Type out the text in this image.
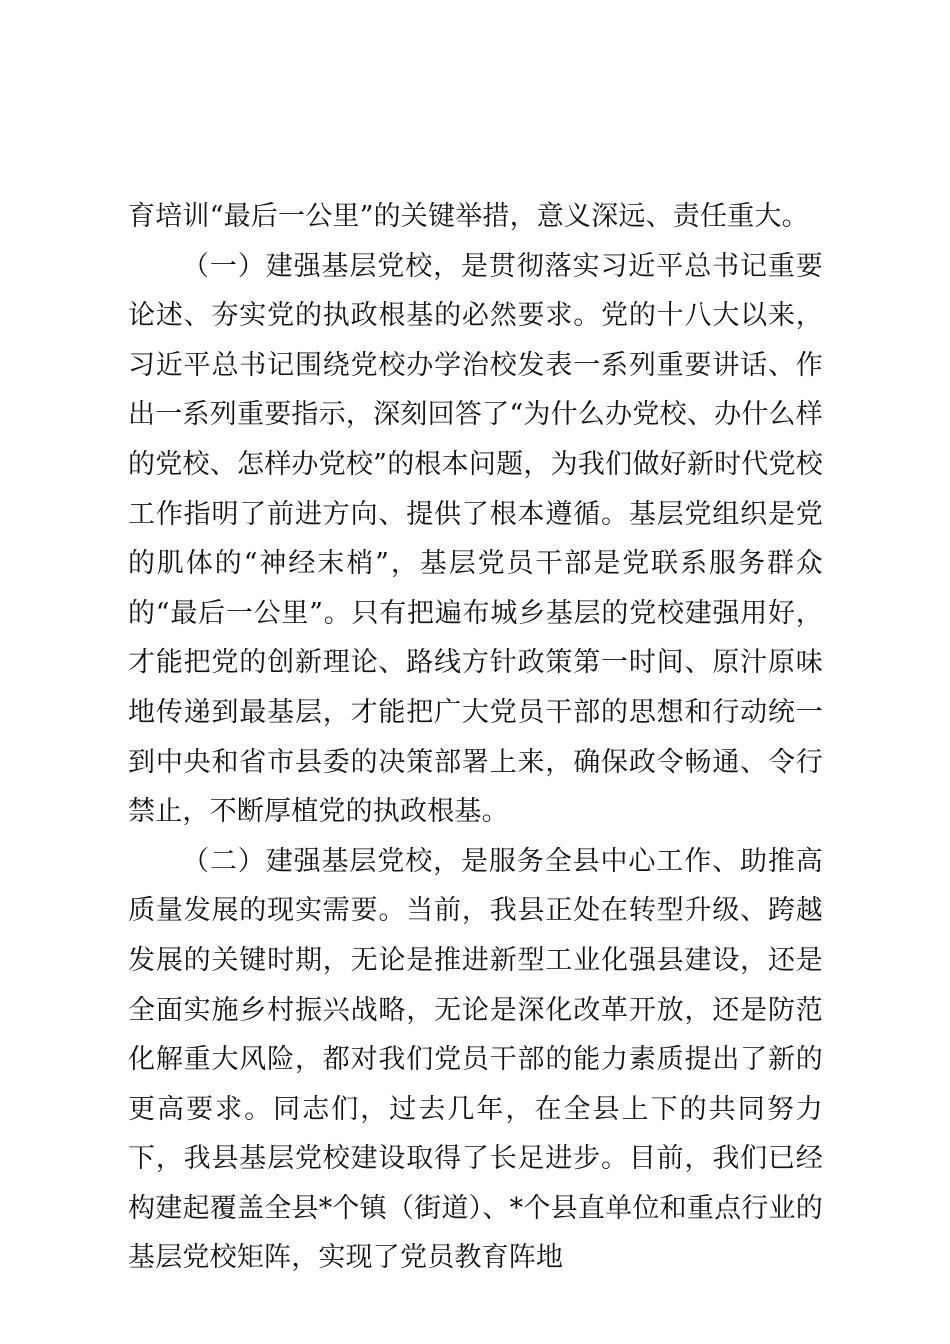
育培训“最后一公里”的关键举措，意义深远、责任重大。

（一）建强基层党校，是贯彻落实习近平总书记重要论述、夯实党的执政根基的必然要求。党的十八大以来，习近平总书记围绕党校办学治校发表一系列重要讲话、作出一系列重要指示，深刻回答了“为什么办党校、办什么样的党校、怎样办党校”的根本问题，为我们做好新时代党校工作指明了前进方向、提供了根本遵循。基层党组织是党的肌体的“神经末梢”，基层党员干部是党联系服务群众的“最后一公里”。只有把遍布城乡基层的党校建强用好，才能把党的创新理论、路线方针政策第一时间、原汁原味地传递到最基层，才能把广大党员干部的思想和行动统一到中央和省市县委的决策部署上来，确保政令畅通、令行禁止，不断厚植党的执政根基。

（二）建强基层党校，是服务全县中心工作、助推高质量发展的现实需要。当前，我县正处在转型升级、跨越发展的关键时期，无论是推进新型工业化强县建设，还是全面实施乡村振兴战略，无论是深化改革开放，还是防范化解重大风险，都对我们党员干部的能力素质提出了新的更高要求。同志们，过去几年，在全县上下的共同努力下，我县基层党校建设取得了长足进步。目前，我们已经构建起覆盖全县*个镇（街道）、*个县直单位和重点行业的基层党校矩阵，实现了党员教育阵地
